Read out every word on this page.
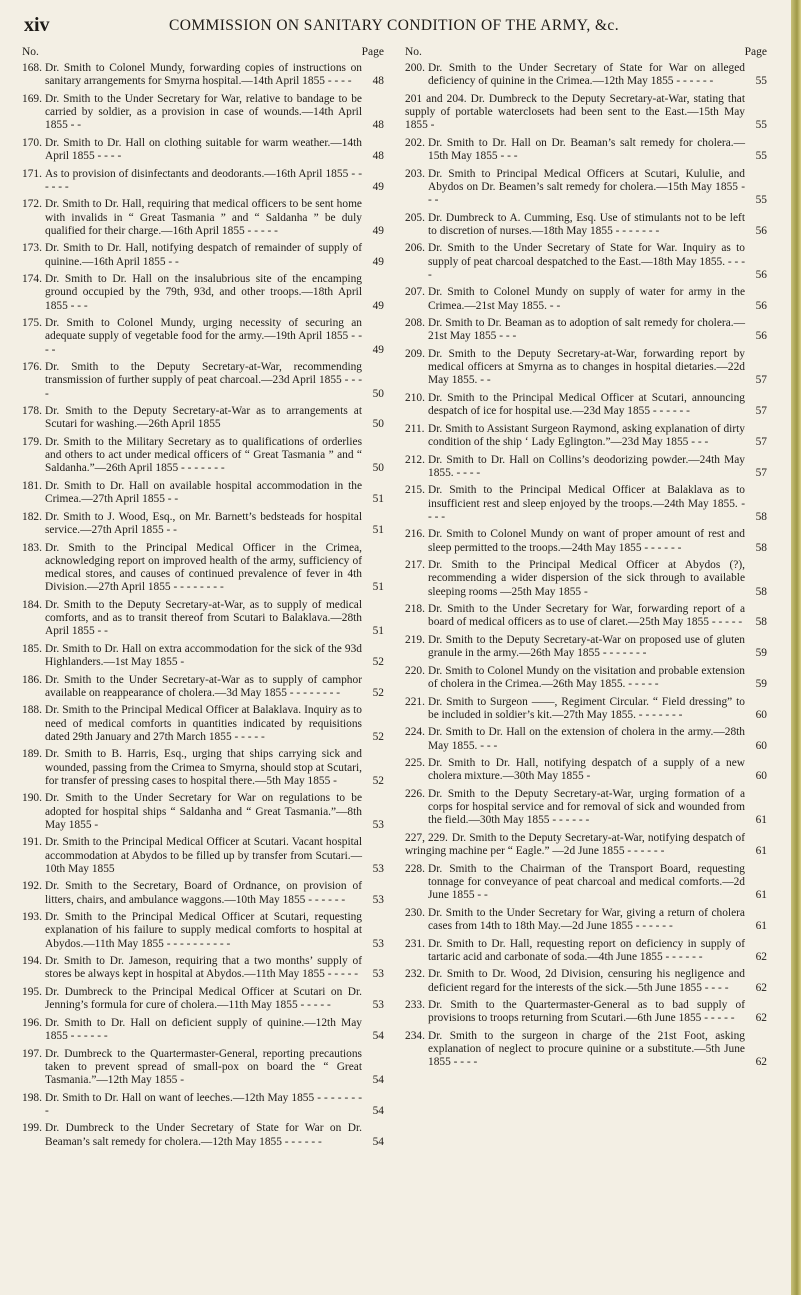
xiv	COMMISSION ON SANITARY CONDITION OF THE ARMY, &c.
No.	Page
168. Dr. Smith to Colonel Mundy, forwarding copies of instructions on sanitary arrangements for Smyrna hospital.—14th April 1855 - - - -	48
169. Dr. Smith to the Under Secretary for War, relative to bandage to be carried by soldier, as a provision in case of wounds.—14th April 1855 - -	48
170. Dr. Smith to Dr. Hall on clothing suitable for warm weather.—14th April 1855 - - - -	48
171. As to provision of disinfectants and deodorants.—16th April 1855 - - - - - -	49
172. Dr. Smith to Dr. Hall, requiring that medical officers to be sent home with invalids in “ Great Tasmania ” and “ Saldanha ” be duly qualified for their charge.—16th April 1855 - - - - -	49
173. Dr. Smith to Dr. Hall, notifying despatch of remainder of supply of quinine.—16th April 1855 - -	49
174. Dr. Smith to Dr. Hall on the insalubrious site of the encamping ground occupied by the 79th, 93d, and other troops.—18th April 1855 - - -	49
175. Dr. Smith to Colonel Mundy, urging necessity of securing an adequate supply of vegetable food for the army.—19th April 1855 - - - -	49
176. Dr. Smith to the Deputy Secretary-at-War, recommending transmission of further supply of peat charcoal.—23d April 1855 - - - -	50
178. Dr. Smith to the Deputy Secretary-at-War as to arrangements at Scutari for washing.—26th April 1855	50
179. Dr. Smith to the Military Secretary as to qualifications of orderlies and others to act under medical officers of “ Great Tasmania ” and “ Saldanha.”—26th April 1855 - - - - - - -	50
181. Dr. Smith to Dr. Hall on available hospital accommodation in the Crimea.—27th April 1855 - -	51
182. Dr. Smith to J. Wood, Esq., on Mr. Barnett’s bedsteads for hospital service.—27th April 1855 - -	51
183. Dr. Smith to the Principal Medical Officer in the Crimea, acknowledging report on improved health of the army, sufficiency of medical stores, and causes of continued prevalence of fever in 4th Division.—27th April 1855 - - - - - - - -	51
184. Dr. Smith to the Deputy Secretary-at-War, as to supply of medical comforts, and as to transit thereof from Scutari to Balaklava.—28th April 1855 - -	51
185. Dr. Smith to Dr. Hall on extra accommodation for the sick of the 93d Highlanders.—1st May 1855 -	52
186. Dr. Smith to the Under Secretary-at-War as to supply of camphor available on reappearance of cholera.—3d May 1855 - - - - - - - -	52
188. Dr. Smith to the Principal Medical Officer at Balaklava. Inquiry as to need of medical comforts in quantities indicated by requisitions dated 29th January and 27th March 1855 - - - - -	52
189. Dr. Smith to B. Harris, Esq., urging that ships carrying sick and wounded, passing from the Crimea to Smyrna, should stop at Scutari, for transfer of pressing cases to hospital there.—5th May 1855 -	52
190. Dr. Smith to the Under Secretary for War on regulations to be adopted for hospital ships “ Saldanha and “ Great Tasmania.”—8th May 1855 -	53
191. Dr. Smith to the Principal Medical Officer at Scutari. Vacant hospital accommodation at Abydos to be filled up by transfer from Scutari.—10th May 1855	53
192. Dr. Smith to the Secretary, Board of Ordnance, on provision of litters, chairs, and ambulance waggons.—10th May 1855 - - - - - -	53
193. Dr. Smith to the Principal Medical Officer at Scutari, requesting explanation of his failure to supply medical comforts to hospital at Abydos.—11th May 1855 - - - - - - - - - -	53
194. Dr. Smith to Dr. Jameson, requiring that a two months’ supply of stores be always kept in hospital at Abydos.—11th May 1855 - - - - -	53
195. Dr. Dumbreck to the Principal Medical Officer at Scutari on Dr. Jenning’s formula for cure of cholera.—11th May 1855 - - - - -	53
196. Dr. Smith to Dr. Hall on deficient supply of quinine.—12th May 1855 - - - - - -	54
197. Dr. Dumbreck to the Quartermaster-General, reporting precautions taken to prevent spread of small-pox on board the “ Great Tasmania.”—12th May 1855 -	54
198. Dr. Smith to Dr. Hall on want of leeches.—12th May 1855 - - - - - - - -	54
199. Dr. Dumbreck to the Under Secretary of State for War on Dr. Beaman’s salt remedy for cholera.—12th May 1855 - - - - - -	54
No.	Page
200. Dr. Smith to the Under Secretary of State for War on alleged deficiency of quinine in the Crimea.—12th May 1855 - - - - - -	55
201 and 204. Dr. Dumbreck to the Deputy Secretary-at-War, stating that supply of portable waterclosets had been sent to the East.—15th May 1855 -	55
202. Dr. Smith to Dr. Hall on Dr. Beaman’s salt remedy for cholera.—15th May 1855 - - -	55
203. Dr. Smith to Principal Medical Officers at Scutari, Kululie, and Abydos on Dr. Beamen’s salt remedy for cholera.—15th May 1855 - - -	55
205. Dr. Dumbreck to A. Cumming, Esq. Use of stimulants not to be left to discretion of nurses.—18th May 1855 - - - - - - -	56
206. Dr. Smith to the Under Secretary of State for War. Inquiry as to supply of peat charcoal despatched to the East.—18th May 1855. - - - -	56
207. Dr. Smith to Colonel Mundy on supply of water for army in the Crimea.—21st May 1855. - -	56
208. Dr. Smith to Dr. Beaman as to adoption of salt remedy for cholera.—21st May 1855 - - -	56
209. Dr. Smith to the Deputy Secretary-at-War, forwarding report by medical officers at Smyrna as to changes in hospital dietaries.—22d May 1855. - -	57
210. Dr. Smith to the Principal Medical Officer at Scutari, announcing despatch of ice for hospital use.—23d May 1855 - - - - - -	57
211. Dr. Smith to Assistant Surgeon Raymond, asking explanation of dirty condition of the ship ‘ Lady Eglington.”—23d May 1855 - - -	57
212. Dr. Smith to Dr. Hall on Collins’s deodorizing powder.—24th May 1855. - - - -	57
215. Dr. Smith to the Principal Medical Officer at Balaklava as to insufficient rest and sleep enjoyed by the troops.—24th May 1855. - - - -	58
216. Dr. Smith to Colonel Mundy on want of proper amount of rest and sleep permitted to the troops.—24th May 1855 - - - - - -	58
217. Dr. Smith to the Principal Medical Officer at Abydos (?), recommending a wider dispersion of the sick through to available sleeping rooms —25th May 1855 -	58
218. Dr. Smith to the Under Secretary for War, forwarding report of a board of medical officers as to use of claret.—25th May 1855 - - - - -	58
219. Dr. Smith to the Deputy Secretary-at-War on proposed use of gluten granule in the army.—26th May 1855 - - - - - - -	59
220. Dr. Smith to Colonel Mundy on the visitation and probable extension of cholera in the Crimea.—26th May 1855. - - - - -	59
221. Dr. Smith to Surgeon ——, Regiment Circular. “ Field dressing” to be included in soldier’s kit.—27th May 1855. - - - - - - -	60
224. Dr. Smith to Dr. Hall on the extension of cholera in the army.—28th May 1855. - - -	60
225. Dr. Smith to Dr. Hall, notifying despatch of a supply of a new cholera mixture.—30th May 1855 -	60
226. Dr. Smith to the Deputy Secretary-at-War, urging formation of a corps for hospital service and for removal of sick and wounded from the field.—30th May 1855 - - - - - -	61
227, 229. Dr. Smith to the Deputy Secretary-at-War, notifying despatch of wringing machine per “ Eagle.” —2d June 1855 - - - - - -	61
228. Dr. Smith to the Chairman of the Transport Board, requesting tonnage for conveyance of peat charcoal and medical comforts.—2d June 1855 - -	61
230. Dr. Smith to the Under Secretary for War, giving a return of cholera cases from 14th to 18th May.—2d June 1855 - - - - - -	61
231. Dr. Smith to Dr. Hall, requesting report on deficiency in supply of tartaric acid and carbonate of soda.—4th June 1855 - - - - - -	62
232. Dr. Smith to Dr. Wood, 2d Division, censuring his negligence and deficient regard for the interests of the sick.—5th June 1855 - - - -	62
233. Dr. Smith to the Quartermaster-General as to bad supply of provisions to troops returning from Scutari.—6th June 1855 - - - - -	62
234. Dr. Smith to the surgeon in charge of the 21st Foot, asking explanation of neglect to procure quinine or a substitute.—5th June 1855 - - - -	62
